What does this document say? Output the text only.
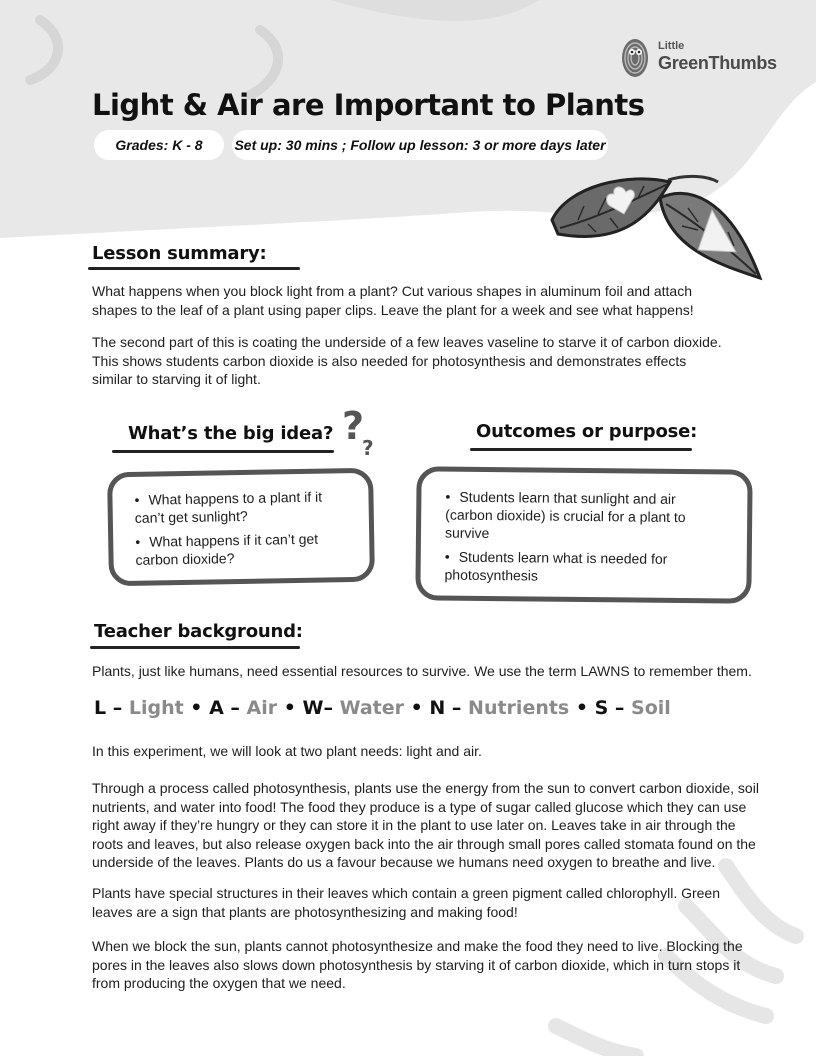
Little
GreenThumbs
Light & Air are Important to Plants
Grades: K - 8	Set up: 30 mins ; Follow up lesson: 3 or more days later
Lesson summary:

What happens when you block light from a plant? Cut various shapes in aluminum foil and attach shapes to the leaf of a plant using paper clips. Leave the plant for a week and see what happens!

The second part of this is coating the underside of a few leaves vaseline to starve it of carbon dioxide. This shows students carbon dioxide is also needed for photosynthesis and demonstrates effects similar to starving it of light.

What’s the big idea? ?
?
• What happens to a plant if it can’t get sunlight?
• What happens if it can’t get carbon dioxide?
Outcomes or purpose:
• Students learn that sunlight and air (carbon dioxide) is crucial for a plant to survive
• Students learn what is needed for photosynthesis
Teacher background:

Plants, just like humans, need essential resources to survive. We use the term LAWNS to remember them.

L – Light • A – Air • W– Water • N – Nutrients • S – Soil

In this experiment, we will look at two plant needs: light and air.

Through a process called photosynthesis, plants use the energy from the sun to convert carbon dioxide, soil nutrients, and water into food! The food they produce is a type of sugar called glucose which they can use right away if they’re hungry or they can store it in the plant to use later on. Leaves take in air through the roots and leaves, but also release oxygen back into the air through small pores called stomata found on the underside of the leaves. Plants do us a favour because we humans need oxygen to breathe and live.

Plants have special structures in their leaves which contain a green pigment called chlorophyll. Green leaves are a sign that plants are photosynthesizing and making food!

When we block the sun, plants cannot photosynthesize and make the food they need to live. Blocking the pores in the leaves also slows down photosynthesis by starving it of carbon dioxide, which in turn stops it from producing the oxygen that we need.
